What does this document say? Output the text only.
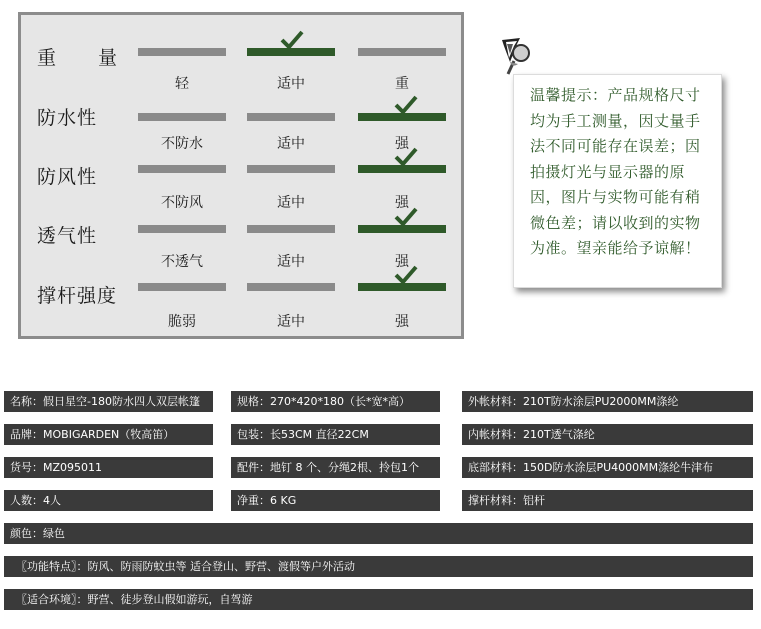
重 量
轻	适中	重
防水性
不防水	适中	强
防风性
不防风	适中	强
透气性
不透气	适中	强
撑杆强度
脆弱	适中	强
温馨提示：产品规格尺寸均为手工测量，因丈量手法不同可能存在误差；因拍摄灯光与显示器的原因，图片与实物可能有稍微色差；请以收到的实物为准。望亲能给予谅解！
名称：假日星空-180防水四人双层帐篷	规格：270*420*180（长*宽*高）	外帐材料：210T防水涂层PU2000MM涤纶
品牌：MOBIGARDEN（牧高笛）	包装：长53CM 直径22CM	内帐材料：210T透气涤纶
货号：MZ095011	配件：地钉 8 个、分绳2根、拎包1个	底部材料：150D防水涂层PU4000MM涤纶牛津布
人数：4人	净重：6 KG	撑杆材料：铝杆
颜色：绿色
〖功能特点〗：防风、防雨防蚊虫等 适合登山、野营、渡假等户外活动
〖适合环境〗：野营、徒步登山假如游玩，自驾游
